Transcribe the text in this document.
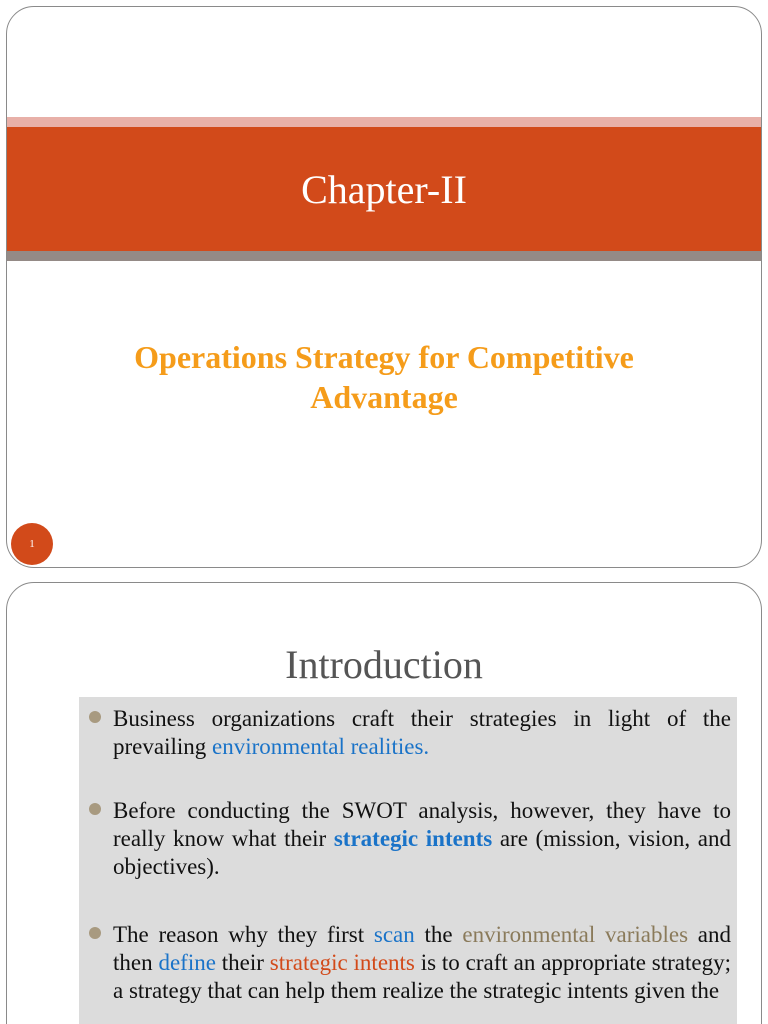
Chapter-II
Operations Strategy for Competitive Advantage
1
Introduction
Business organizations craft their strategies in light of the prevailing environmental realities.
Before conducting the SWOT analysis, however, they have to really know what their strategic intents are (mission, vision, and objectives).
The reason why they first scan the environmental variables and then define their strategic intents is to craft an appropriate strategy; a strategy that can help them realize the strategic intents given the
